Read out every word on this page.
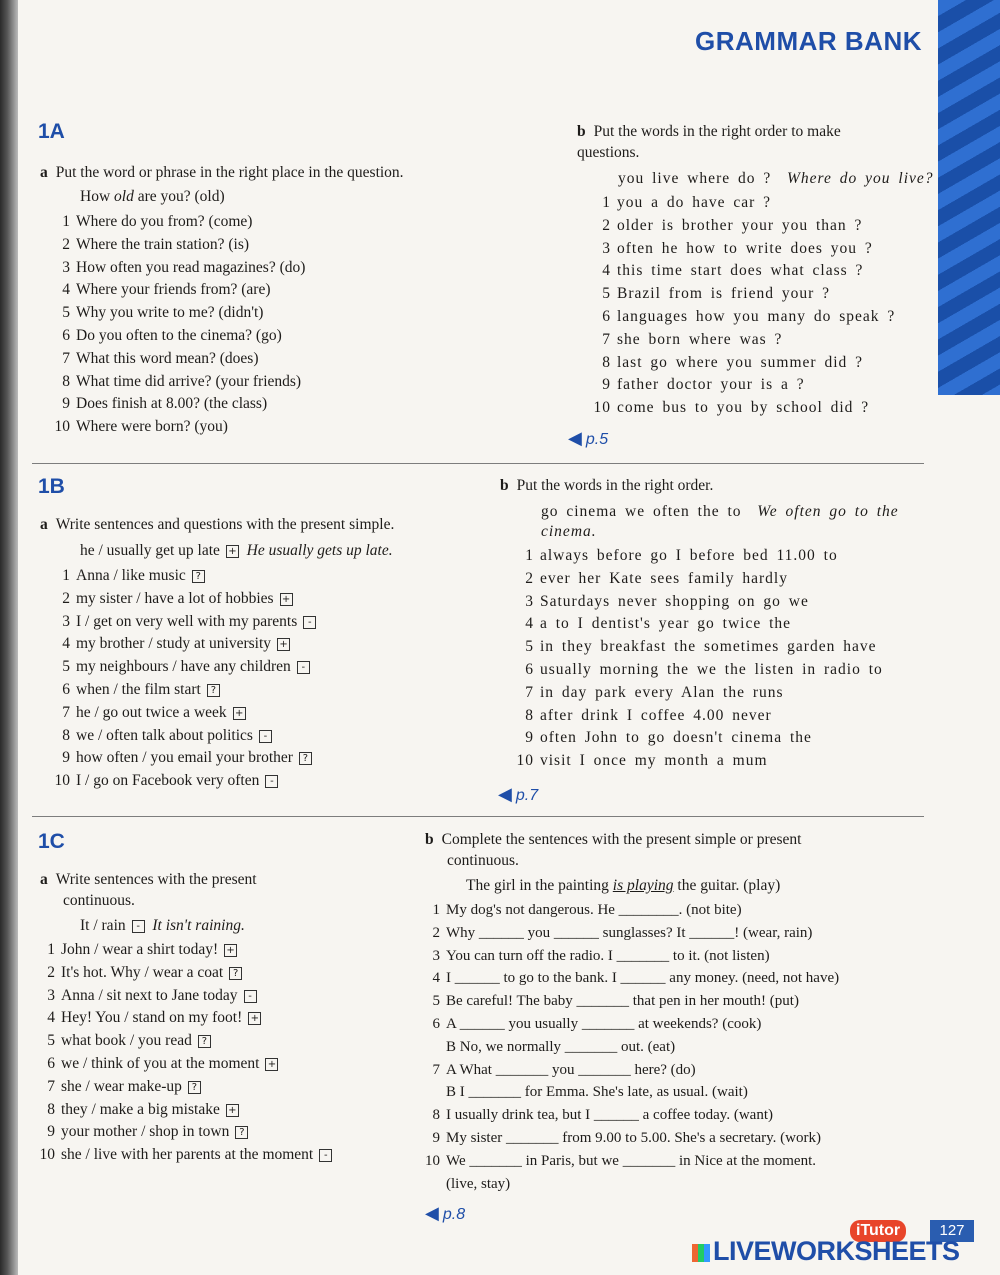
GRAMMAR BANK
1A
a Put the word or phrase in the right place in the question.
How old are you? (old)
1 Where do you from? (come)
2 Where the train station? (is)
3 How often you read magazines? (do)
4 Where your friends from? (are)
5 Why you write to me? (didn't)
6 Do you often to the cinema? (go)
7 What this word mean? (does)
8 What time did arrive? (your friends)
9 Does finish at 8.00? (the class)
10 Where were born? (you)
b Put the words in the right order to make questions.
you live where do ? Where do you live?
1 you a do have car ?
2 older is brother your you than ?
3 often he how to write does you ?
4 this time start does what class ?
5 Brazil from is friend your ?
6 languages how you many do speak ?
7 she born where was ?
8 last go where you summer did ?
9 father doctor your is a ?
10 come bus to you by school did ?
◀ p.5
1B
a Write sentences and questions with the present simple.
he / usually get up late + He usually gets up late.
1 Anna / like music ?
2 my sister / have a lot of hobbies +
3 I / get on very well with my parents -
4 my brother / study at university +
5 my neighbours / have any children -
6 when / the film start ?
7 he / go out twice a week +
8 we / often talk about politics -
9 how often / you email your brother ?
10 I / go on Facebook very often -
b Put the words in the right order.
go cinema we often the to We often go to the
cinema.
1 always before go I before bed 11.00 to
2 ever her Kate sees family hardly
3 Saturdays never shopping on go we
4 a to I dentist's year go twice the
5 in they breakfast the sometimes garden have
6 usually morning the we the listen in radio to
7 in day park every Alan the runs
8 after drink I coffee 4.00 never
9 often John to go doesn't cinema the
10 visit I once my month a mum
◀ p.7
1C
a Write sentences with the present
continuous.
It / rain - It isn't raining.
1 John / wear a shirt today! +
2 It's hot. Why / wear a coat ?
3 Anna / sit next to Jane today -
4 Hey! You / stand on my foot! +
5 what book / you read ?
6 we / think of you at the moment +
7 she / wear make-up ?
8 they / make a big mistake +
9 your mother / shop in town ?
10 she / live with her parents at the moment -
b Complete the sentences with the present simple or present
continuous.
The girl in the painting is playing the guitar. (play)
1 My dog's not dangerous. He ________. (not bite)
2 Why ______ you ______ sunglasses? It ______! (wear, rain)
3 You can turn off the radio. I _______ to it. (not listen)
4 I ______ to go to the bank. I ______ any money. (need, not have)
5 Be careful! The baby _______ that pen in her mouth! (put)
6 A ______ you usually _______ at weekends? (cook)
B No, we normally _______ out. (eat)
7 A What _______ you _______ here? (do)
B I _______ for Emma. She's late, as usual. (wait)
8 I usually drink tea, but I ______ a coffee today. (want)
9 My sister _______ from 9.00 to 5.00. She's a secretary. (work)
10 We _______ in Paris, but we _______ in Nice at the moment.
(live, stay)
◀ p.8
iTutor	127
LIVEWORKSHEETS
